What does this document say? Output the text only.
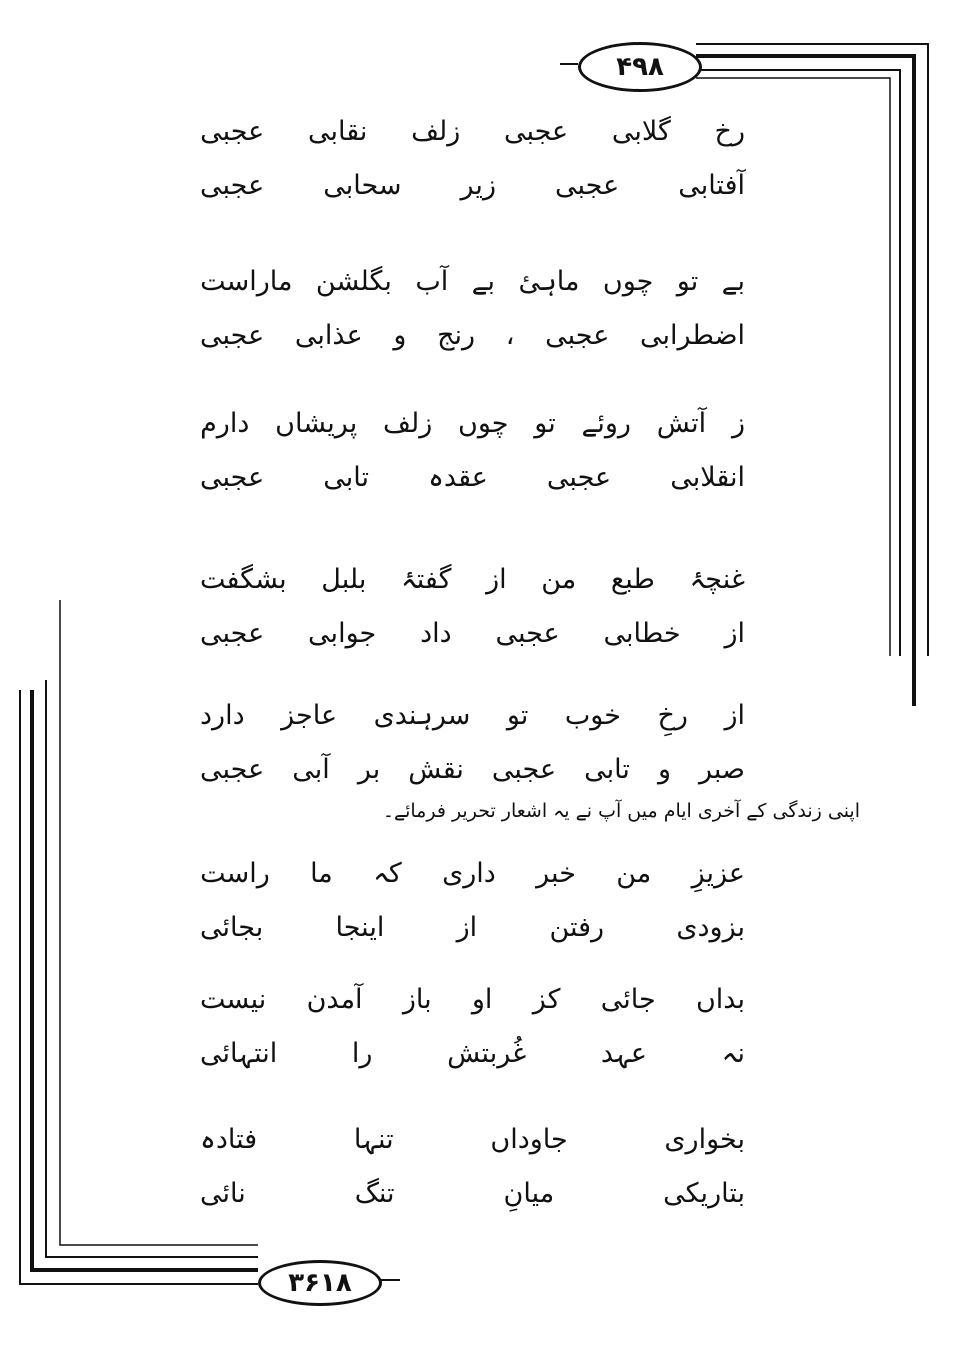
۴۹۸
۳۶۱۸
رخ
گلابی
عجبی
زلف
نقابی
عجبی
آفتابی
عجبی
زیر
سحابی
عجبی
بے
تو
چوں
ماہیٔ
بے
آب
بگلشن
ماراست
اضطرابی
عجبی
،
رنج
و
عذابی
عجبی
ز
آتش
روئے
تو
چوں
زلف
پریشاں
دارم
انقلابی
عجبی
عقدہ
تابی
عجبی
غنچۂ
طبع
من
از
گفتۂ
بلبل
بشگفت
از
خطابی
عجبی
داد
جوابی
عجبی
از
رخِ
خوب
تو
سرہندی
عاجز
دارد
صبر
و
تابی
عجبی
نقش
بر
آبی
عجبی
اپنی زندگی کے آخری ایام میں آپ نے یہ اشعار تحریر فرمائے۔
عزیزِ
من
خبر
داری
کہ
ما
راست
بزودی
رفتن
از
اینجا
بجائی
بداں
جائی
کز
او
باز
آمدن
نیست
نہ
عہد
غُربتش
را
انتہائی
بخواری
جاوداں
تنہا
فتادہ
بتاریکی
میانِ
تنگ
نائی
